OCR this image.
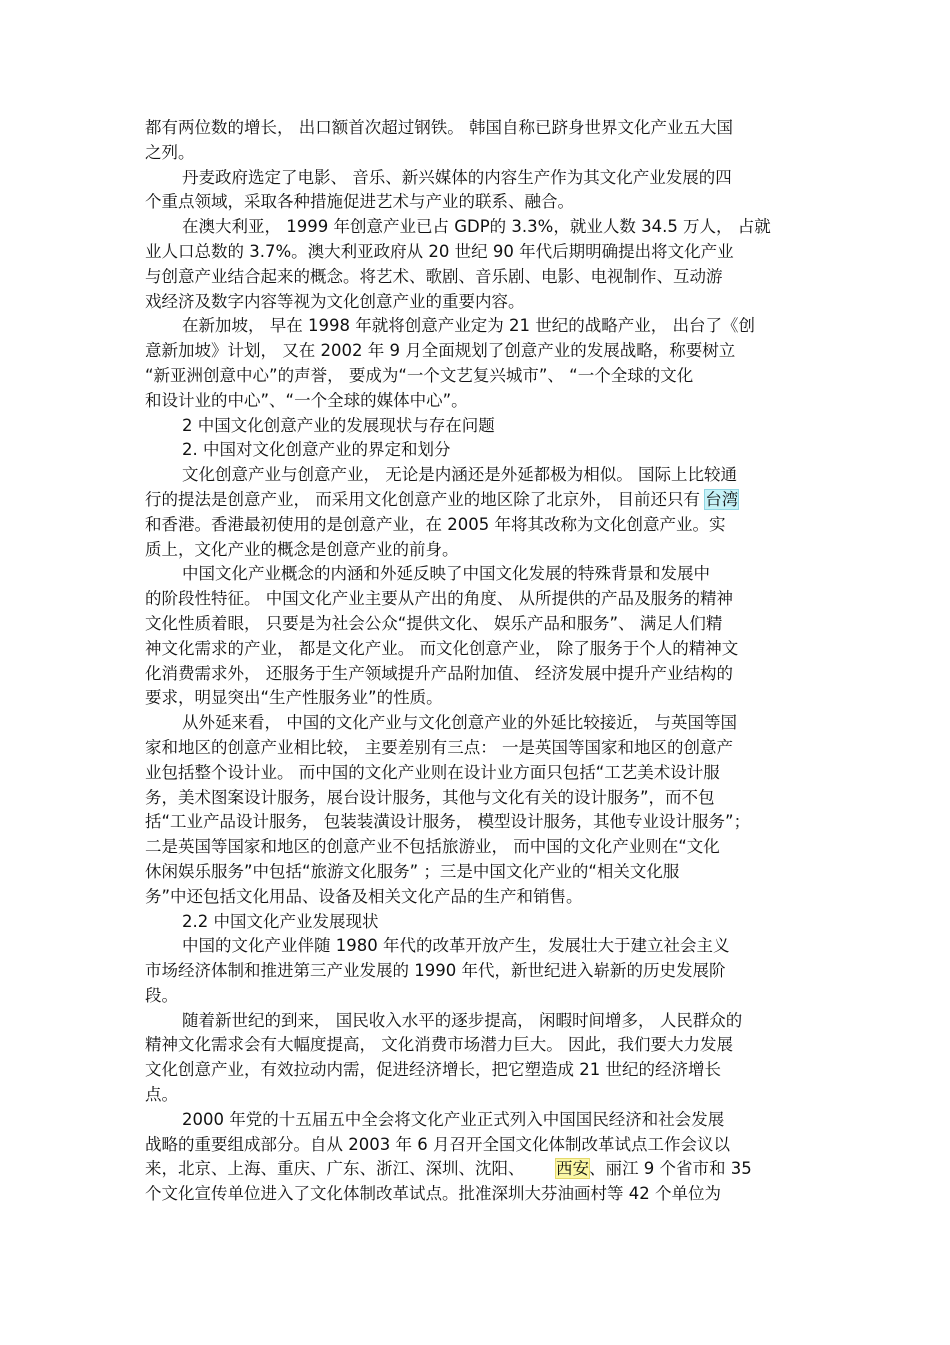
都有两位数的增长， 出口额首次超过钢铁。 韩国自称已跻身世界文化产业五大国
之列。
丹麦政府选定了电影、 音乐、新兴媒体的内容生产作为其文化产业发展的四
个重点领域，采取各种措施促进艺术与产业的联系、融合。
在澳大利亚， 1999 年创意产业已占 GDP的 3.3%，就业人数 34.5 万人， 占就
业人口总数的 3.7%。澳大利亚政府从 20 世纪 90 年代后期明确提出将文化产业
与创意产业结合起来的概念。将艺术、歌剧、音乐剧、电影、电视制作、互动游
戏经济及数字内容等视为文化创意产业的重要内容。
在新加坡， 早在 1998 年就将创意产业定为 21 世纪的战略产业， 出台了《创
意新加坡》计划， 又在 2002 年 9 月全面规划了创意产业的发展战略，称要树立
“新亚洲创意中心”的声誉， 要成为“一个文艺复兴城市”、 “一个全球的文化
和设计业的中心”、“一个全球的媒体中心”。
2 中国文化创意产业的发展现状与存在问题
2. 中国对文化创意产业的界定和划分
文化创意产业与创意产业， 无论是内涵还是外延都极为相似。 国际上比较通
行的提法是创意产业， 而采用文化创意产业的地区除了北京外， 目前还只有 台湾
和香港。香港最初使用的是创意产业，在 2005 年将其改称为文化创意产业。实
质上，文化产业的概念是创意产业的前身。
中国文化产业概念的内涵和外延反映了中国文化发展的特殊背景和发展中
的阶段性特征。 中国文化产业主要从产出的角度、 从所提供的产品及服务的精神
文化性质着眼， 只要是为社会公众“提供文化、 娱乐产品和服务”、 满足人们精
神文化需求的产业， 都是文化产业。 而文化创意产业， 除了服务于个人的精神文
化消费需求外， 还服务于生产领域提升产品附加值、 经济发展中提升产业结构的
要求，明显突出“生产性服务业”的性质。
从外延来看， 中国的文化产业与文化创意产业的外延比较接近， 与英国等国
家和地区的创意产业相比较， 主要差别有三点： 一是英国等国家和地区的创意产
业包括整个设计业。 而中国的文化产业则在设计业方面只包括“工艺美术设计服
务，美术图案设计服务，展台设计服务，其他与文化有关的设计服务”，而不包
括“工业产品设计服务， 包装装潢设计服务， 模型设计服务，其他专业设计服务”；
二是英国等国家和地区的创意产业不包括旅游业， 而中国的文化产业则在“文化
休闲娱乐服务”中包括“旅游文化服务” ；三是中国文化产业的“相关文化服
务”中还包括文化用品、设备及相关文化产品的生产和销售。
2.2 中国文化产业发展现状
中国的文化产业伴随 1980 年代的改革开放产生，发展壮大于建立社会主义
市场经济体制和推进第三产业发展的 1990 年代，新世纪进入崭新的历史发展阶
段。
随着新世纪的到来， 国民收入水平的逐步提高， 闲暇时间增多， 人民群众的
精神文化需求会有大幅度提高， 文化消费市场潜力巨大。 因此，我们要大力发展
文化创意产业，有效拉动内需，促进经济增长，把它塑造成 21 世纪的经济增长
点。
2000 年党的十五届五中全会将文化产业正式列入中国国民经济和社会发展
战略的重要组成部分。自从 2003 年 6 月召开全国文化体制改革试点工作会议以
来，北京、上海、重庆、广东、浙江、深圳、沈阳、 西安、丽江 9 个省市和 35
个文化宣传单位进入了文化体制改革试点。批准深圳大芬油画村等 42 个单位为
